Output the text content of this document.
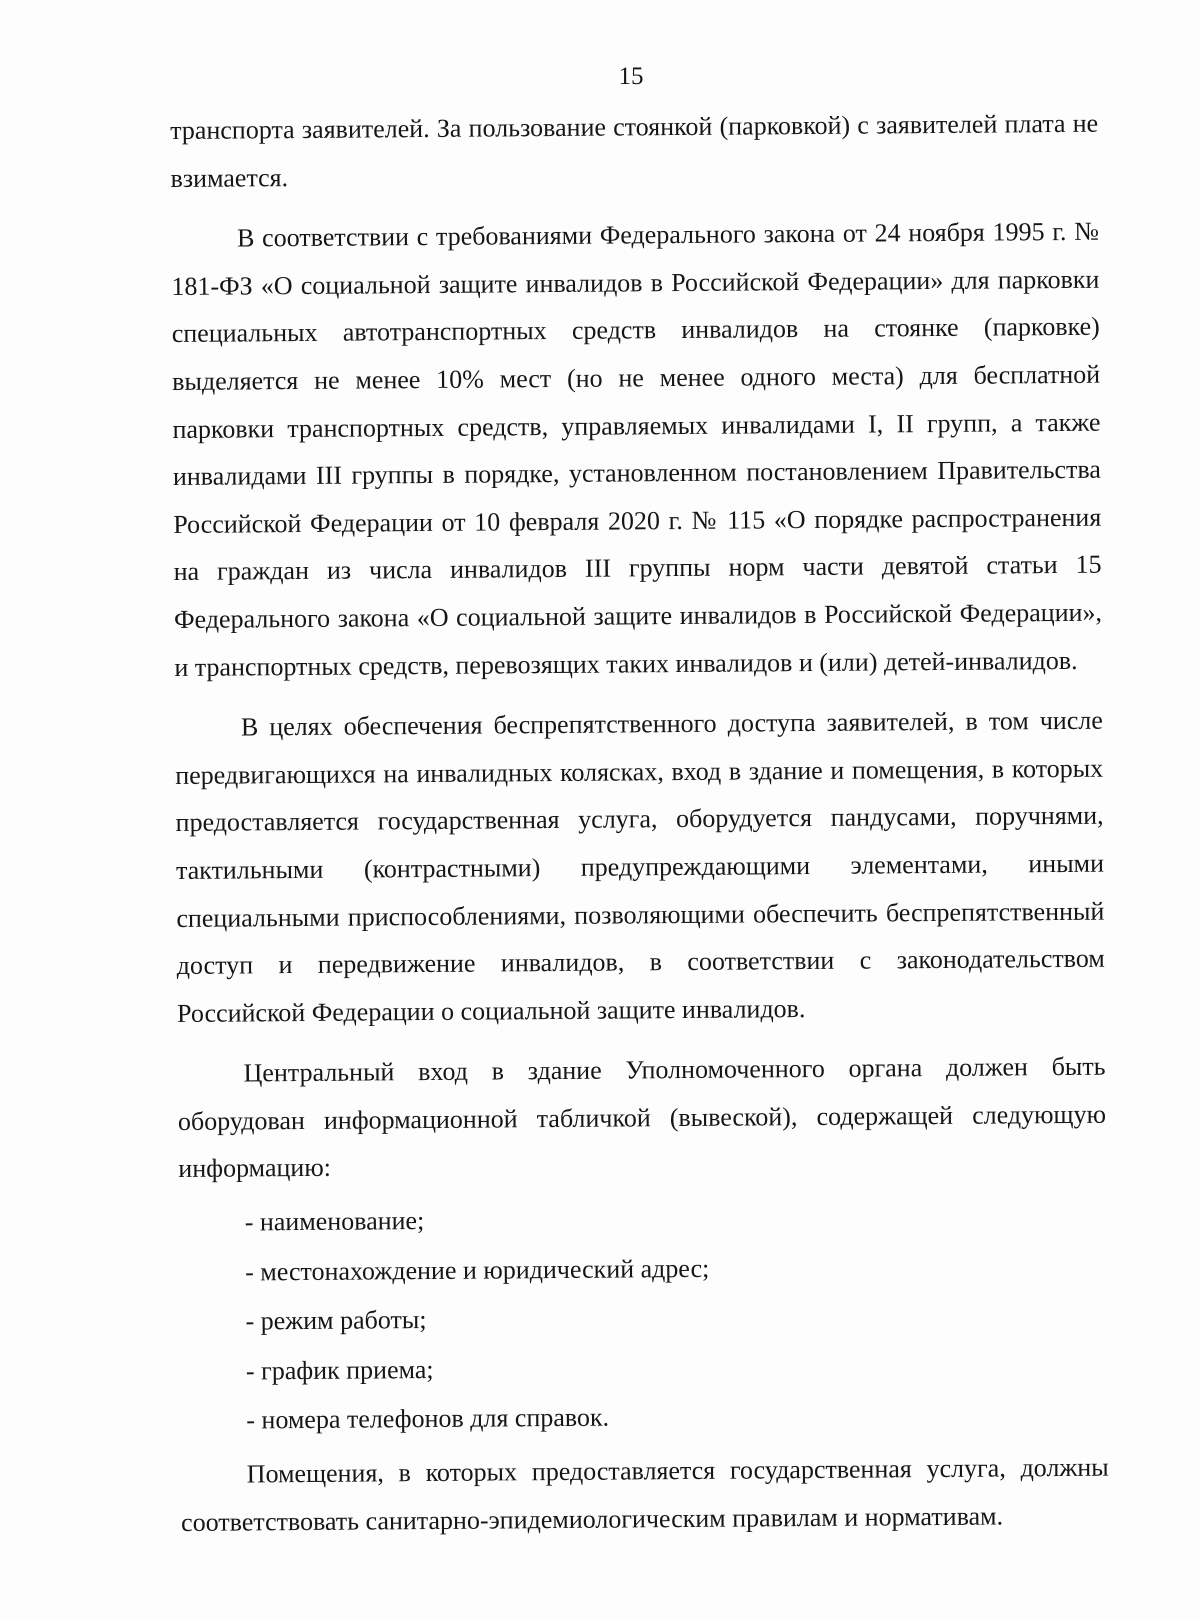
15

транспорта заявителей. За пользование стоянкой (парковкой) с заявителей плата не взимается.

В соответствии с требованиями Федерального закона от 24 ноября 1995 г. № 181-ФЗ «О социальной защите инвалидов в Российской Федерации» для парковки специальных автотранспортных средств инвалидов на стоянке (парковке) выделяется не менее 10% мест (но не менее одного места) для бесплатной парковки транспортных средств, управляемых инвалидами I, II групп, а также инвалидами III группы в порядке, установленном постановлением Правительства Российской Федерации от 10 февраля 2020 г. № 115 «О порядке распространения на граждан из числа инвалидов III группы норм части девятой статьи 15 Федерального закона «О социальной защите инвалидов в Российской Федерации», и транспортных средств, перевозящих таких инвалидов и (или) детей-инвалидов.

В целях обеспечения беспрепятственного доступа заявителей, в том числе передвигающихся на инвалидных колясках, вход в здание и помещения, в которых предоставляется государственная услуга, оборудуется пандусами, поручнями, тактильными (контрастными) предупреждающими элементами, иными специальными приспособлениями, позволяющими обеспечить беспрепятственный доступ и передвижение инвалидов, в соответствии с законодательством Российской Федерации о социальной защите инвалидов.

Центральный вход в здание Уполномоченного органа должен быть оборудован информационной табличкой (вывеской), содержащей следующую информацию:

- наименование;

- местонахождение и юридический адрес;

- режим работы;

- график приема;

- номера телефонов для справок.

Помещения, в которых предоставляется государственная услуга, должны соответствовать санитарно-эпидемиологическим правилам и нормативам.
